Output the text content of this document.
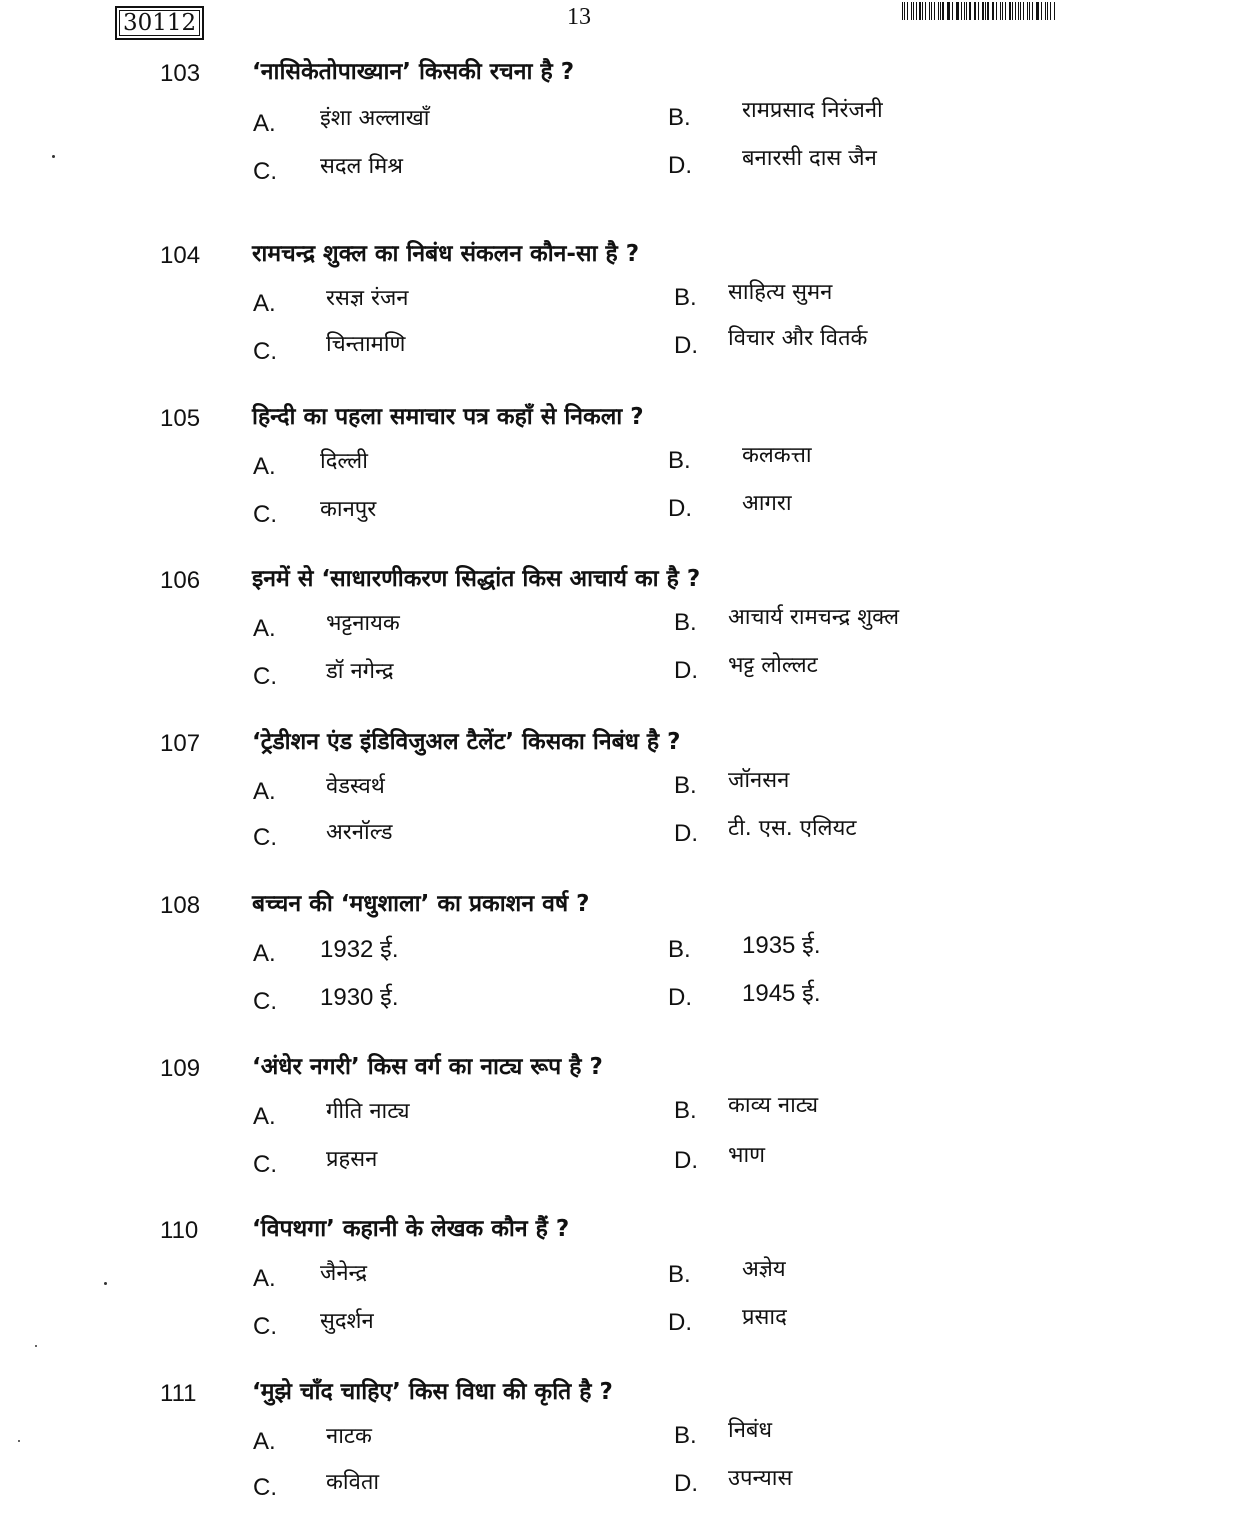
30112	13
103 ‘नासिकेतोपाख्यान’ किसकी रचना है ?
A. इंशा अल्लाखाँ	B. रामप्रसाद निरंजनी
C. सदल मिश्र	D. बनारसी दास जैन
104 रामचन्द्र शुक्ल का निबंध संकलन कौन-सा है ?
A. रसज्ञ रंजन	B. साहित्य सुमन
C. चिन्तामणि	D. विचार और वितर्क
105 हिन्दी का पहला समाचार पत्र कहाँ से निकला ?
A. दिल्ली	B. कलकत्ता
C. कानपुर	D. आगरा
106 इनमें से ‘साधारणीकरण सिद्धांत किस आचार्य का है ?
A. भट्टनायक	B. आचार्य रामचन्द्र शुक्ल
C. डॉ नगेन्द्र	D. भट्ट लोल्लट
107 ‘ट्रेडीशन एंड इंडिविजुअल टैलेंट’ किसका निबंध है ?
A. वेडस्वर्थ	B. जॉनसन
C. अरनॉल्ड	D. टी. एस. एलियट
108 बच्चन की ‘मधुशाला’ का प्रकाशन वर्ष ?
A. 1932 ई.	B. 1935 ई.
C. 1930 ई.	D. 1945 ई.
109 ‘अंधेर नगरी’ किस वर्ग का नाट्य रूप है ?
A. गीति नाट्य	B. काव्य नाट्य
C. प्रहसन	D. भाण
110 ‘विपथगा’ कहानी के लेखक कौन हैं ?
A. जैनेन्द्र	B. अज्ञेय
C. सुदर्शन	D. प्रसाद
111 ‘मुझे चाँद चाहिए’ किस विधा की कृति है ?
A. नाटक	B. निबंध
C. कविता	D. उपन्यास
